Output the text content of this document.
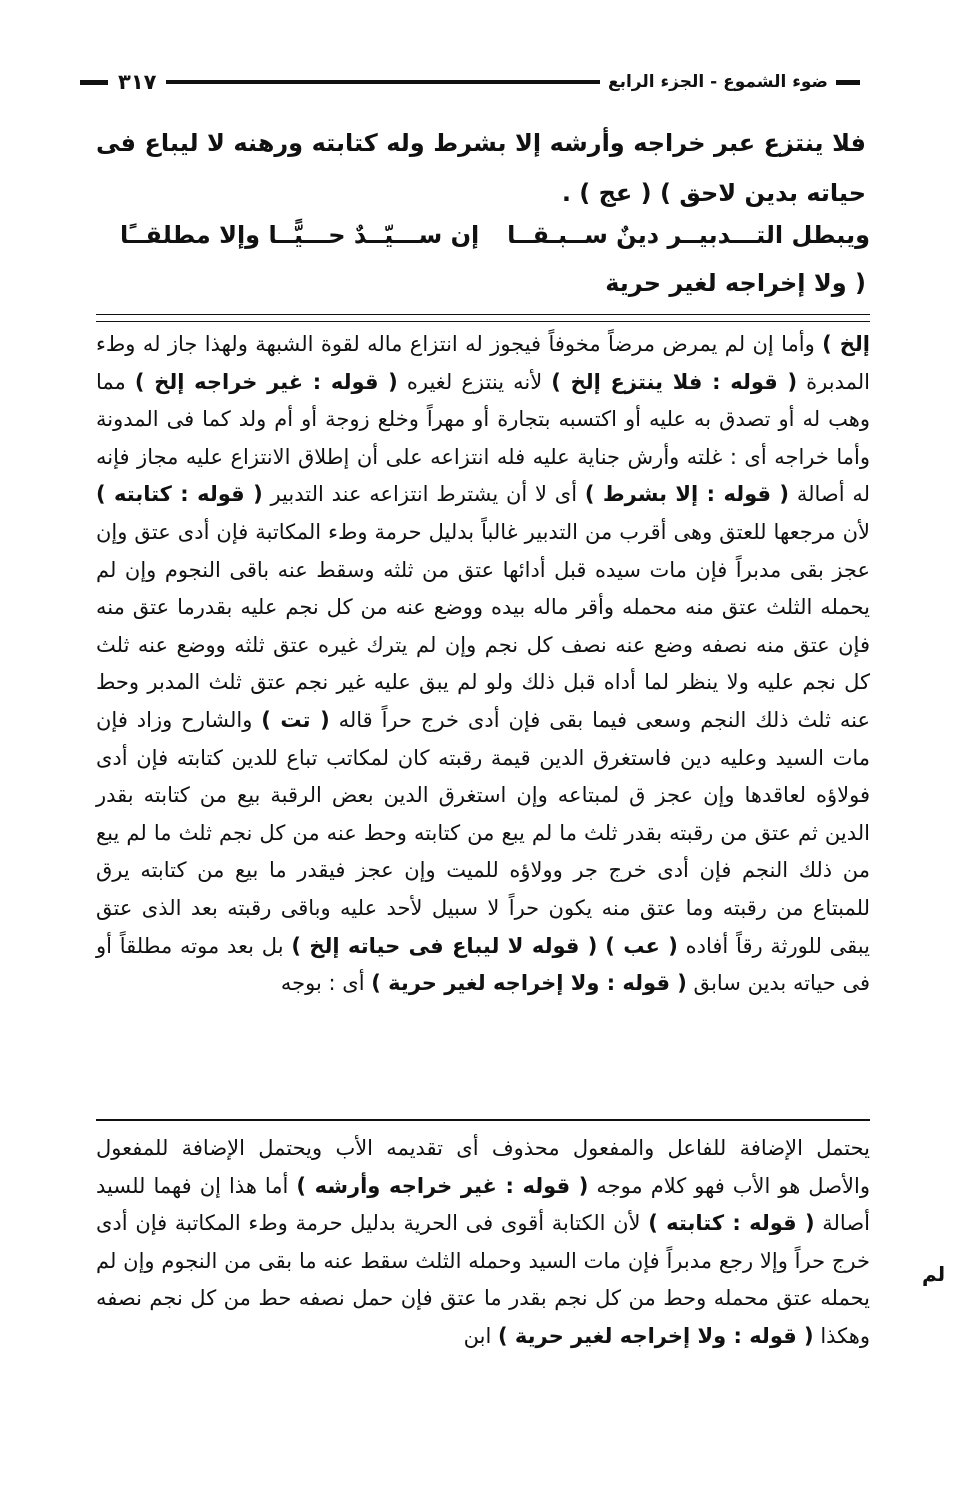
ضوء الشموع - الجزء الرابع
٣١٧
فلا ينتزع عبر خراجه وأرشه إلا بشرط وله كتابته ورهنه لا ليباع فى حياته بدين لاحق ) ( عج ) .
ويبطل التـــدبيــر دينٌ ســبـقــا
إن ســـيّــدٌ حـــيًّــا وإلا مطلقــًا
( ولا إخراجه لغير حرية
إلخ ) وأما إن لم يمرض مرضاً مخوفاً فيجوز له انتزاع ماله لقوة الشبهة ولهذا جاز له وطء المدبرة ( قوله : فلا ينتزع إلخ ) لأنه ينتزع لغيره ( قوله : غير خراجه إلخ ) مما وهب له أو تصدق به عليه أو اكتسبه بتجارة أو مهراً وخلع زوجة أو أم ولد كما فى المدونة وأما خراجه أى : غلته وأرش جناية عليه فله انتزاعه على أن إطلاق الانتزاع عليه مجاز فإنه له أصالة ( قوله : إلا بشرط ) أى لا أن يشترط انتزاعه عند التدبير ( قوله : كتابته ) لأن مرجعها للعتق وهى أقرب من التدبير غالباً بدليل حرمة وطء المكاتبة فإن أدى عتق وإن عجز بقى مدبراً فإن مات سيده قبل أدائها عتق من ثلثه وسقط عنه باقى النجوم وإن لم يحمله الثلث عتق منه محمله وأقر ماله بيده ووضع عنه من كل نجم عليه بقدرما عتق منه فإن عتق منه نصفه وضع عنه نصف كل نجم وإن لم يترك غيره عتق ثلثه ووضع عنه ثلث كل نجم عليه ولا ينظر لما أداه قبل ذلك ولو لم يبق عليه غير نجم عتق ثلث المدبر وحط عنه ثلث ذلك النجم وسعى فيما بقى فإن أدى خرج حراً قاله ( تت ) والشارح وزاد فإن مات السيد وعليه دين فاستغرق الدين قيمة رقبته كان لمكاتب تباع للدين كتابته فإن أدى فولاؤه لعاقدها وإن عجز ق لمبتاعه وإن استغرق الدين بعض الرقبة بيع من كتابته بقدر الدين ثم عتق من رقبته بقدر ثلث ما لم يبع من كتابته وحط عنه من كل نجم ثلث ما لم يبع من ذلك النجم فإن أدى خرج جر وولاؤه للميت وإن عجز فيقدر ما بيع من كتابته يرق للمبتاع من رقبته وما عتق منه يكون حراً لا سبيل لأحد عليه وباقى رقبته بعد الذى عتق يبقى للورثة رقاً أفاده ( عب ) ( قوله لا ليباع فى حياته إلخ ) بل بعد موته مطلقاً أو فى حياته بدين سابق ( قوله : ولا إخراجه لغير حرية ) أى : بوجه
يحتمل الإضافة للفاعل والمفعول محذوف أى تقديمه الأب ويحتمل الإضافة للمفعول والأصل هو الأب فهو كلام موجه ( قوله : غير خراجه وأرشه ) أما هذا إن فهما للسيد أصالة ( قوله : كتابته ) لأن الكتابة أقوى فى الحرية بدليل حرمة وطء المكاتبة فإن أدى خرج حراً وإلا رجع مدبراً فإن مات السيد وحمله الثلث سقط عنه ما بقى من النجوم وإن لم يحمله عتق محمله وحط من كل نجم بقدر ما عتق فإن حمل نصفه حط من كل نجم نصفه وهكذا ( قوله : ولا إخراجه لغير حرية ) ابن
لم
